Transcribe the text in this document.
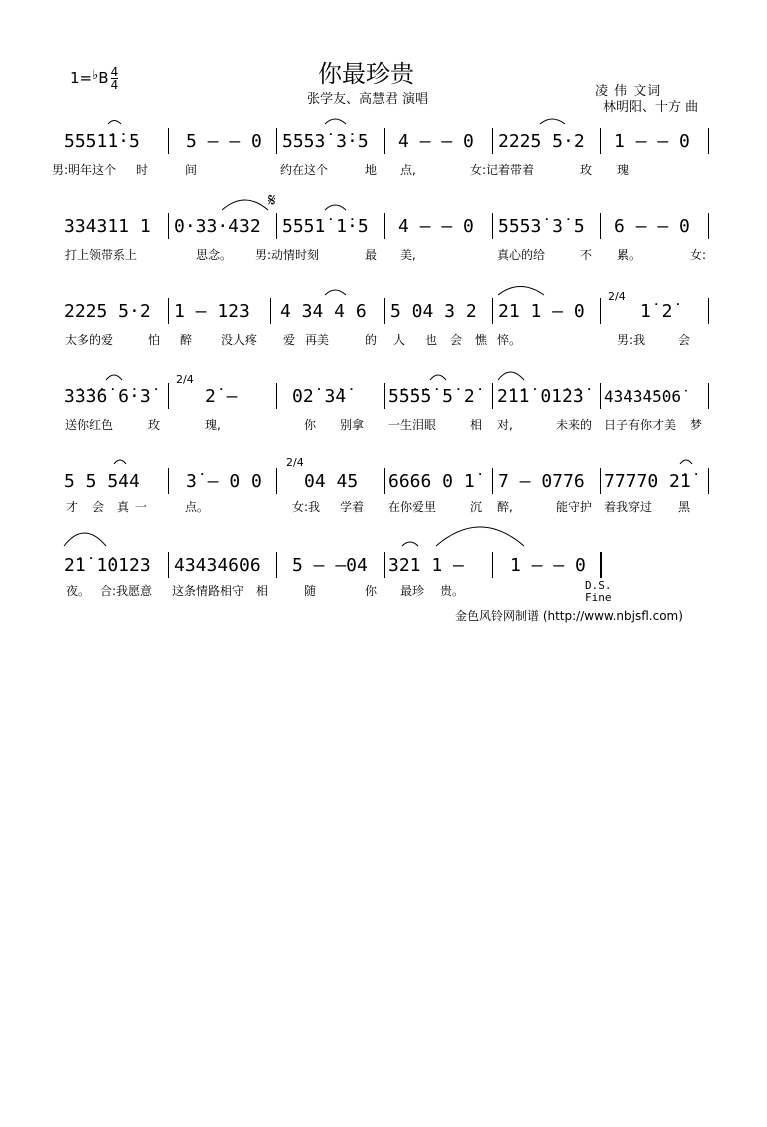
1=♭B $\frac{4}{4}$	你最珍贵
张学友、高慧君 演唱
凌 伟 文词
林明阳、十方 曲
5551̇1̇·5	5 – – 0 5553̇ 3̇·5 4 – – 0 2225 5·2 1 – – 0
男:明年这个 时	间	约在这个	地 点,	女:记着带着	玫 瑰
𝄋
334311 1 0·33·432 5551̇ 1̇·5 4 – – 0 5553̇ 3̇ 5 6 – – 0
打上领带系上	思念。 男:动情时刻	最 美,	真心的给	不 累。	女:
2225 5·2 1 – 123 4 34 4 6 5 04 3 2 21 1 – 0
2/4
1̇ 2̇
太多的爱	怕 醉 没人疼 爱 再美	的 人 也 会 憔 悴。	男:我	会
3̇3̇3̇6̇ 6̇·3̇
2/4
2̇ –	02̇ 3̇4̇ 5̇5̇5̇5̇ 5̇ 2̇ 2̇1̇1̇ 01̇2̇3̇ 4̇3̇4̇3̇4̇5̇06̇
送你红色	玫	瑰,	你 别拿 一生泪眼	相 对,	未来的 日子有你才美 梦
5 5 544	3̇ – 0 0
2/4
04 45 6666 0 1̇ 7 – 0776 77770 2̇1̇
才 会 真 一	点。	女:我 学着 在你爱里	沉 醉,	能守护 着我穿过 黑
2̇1̇ 1̇0123 43434606 5 – –04 321 1 –	1 – – 0
夜。 合:我愿意 这条情路相守 相	随	你 最珍 贵。	D.S.
Fine
金色风铃网制谱 (http://www.nbjsfl.com)
